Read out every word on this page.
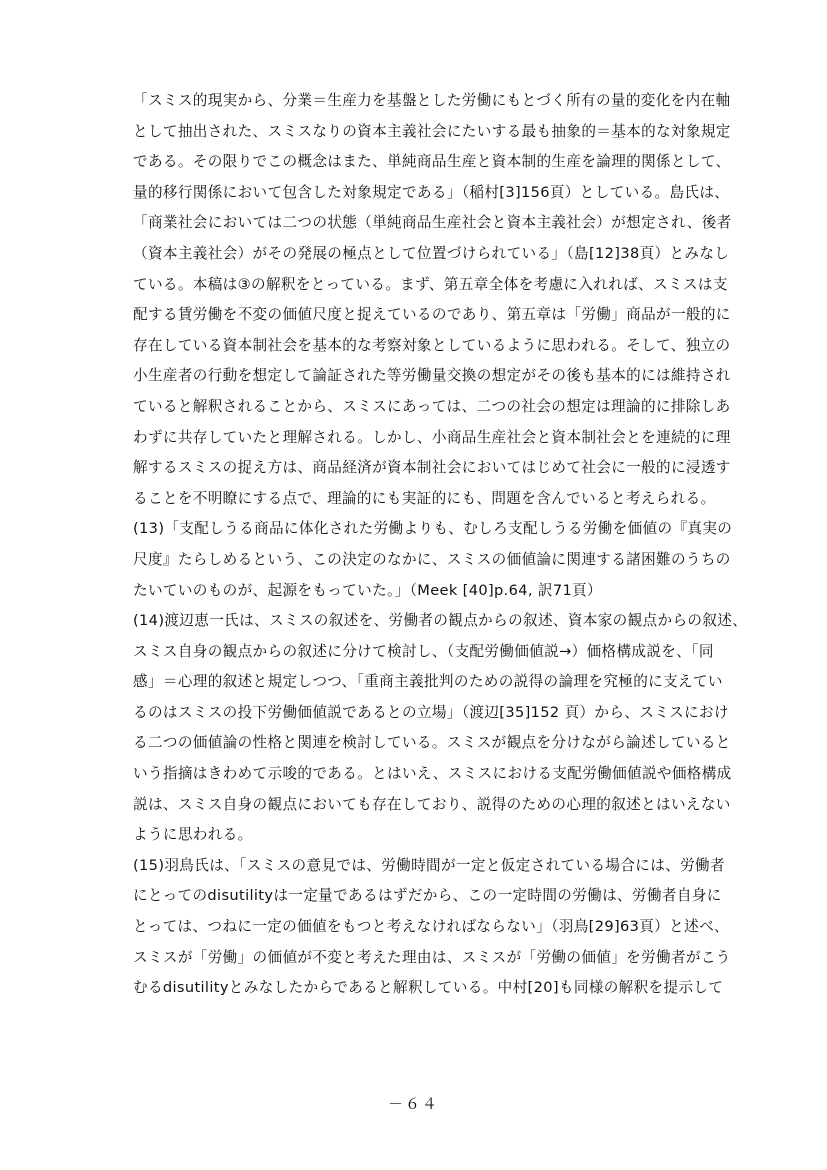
「スミス的現実から、分業＝生産力を基盤とした労働にもとづく所有の量的変化を内在軸
として抽出された、スミスなりの資本主義社会にたいする最も抽象的＝基本的な対象規定
である。その限りでこの概念はまた、単純商品生産と資本制的生産を論理的関係として、
量的移行関係において包含した対象規定である」（稲村[3]156頁）としている。島氏は、
「商業社会においては二つの状態（単純商品生産社会と資本主義社会）が想定され、後者
（資本主義社会）がその発展の極点として位置づけられている」（島[12]38頁）とみなし
ている。本稿は③の解釈をとっている。まず、第五章全体を考慮に入れれば、スミスは支
配する賃労働を不変の価値尺度と捉えているのであり、第五章は「労働」商品が一般的に
存在している資本制社会を基本的な考察対象としているように思われる。そして、独立の
小生産者の行動を想定して論証された等労働量交換の想定がその後も基本的には維持され
ていると解釈されることから、スミスにあっては、二つの社会の想定は理論的に排除しあ
わずに共存していたと理解される。しかし、小商品生産社会と資本制社会とを連続的に理
解するスミスの捉え方は、商品経済が資本制社会においてはじめて社会に一般的に浸透す
ることを不明瞭にする点で、理論的にも実証的にも、問題を含んでいると考えられる。
(13)「支配しうる商品に体化された労働よりも、むしろ支配しうる労働を価値の『真実の
尺度』たらしめるという、この決定のなかに、スミスの価値論に関連する諸困難のうちの
たいていのものが、起源をもっていた。」（Meek [40]p.64, 訳71頁）
(14)渡辺恵一氏は、スミスの叙述を、労働者の観点からの叙述、資本家の観点からの叙述、
スミス自身の観点からの叙述に分けて検討し、（支配労働価値説→）価格構成説を、「同
感」＝心理的叙述と規定しつつ、「重商主義批判のための説得の論理を究極的に支えてい
るのはスミスの投下労働価値説であるとの立場」（渡辺[35]152 頁）から、スミスにおけ
る二つの価値論の性格と関連を検討している。スミスが観点を分けながら論述していると
いう指摘はきわめて示唆的である。とはいえ、スミスにおける支配労働価値説や価格構成
説は、スミス自身の観点においても存在しており、説得のための心理的叙述とはいえない
ように思われる。
(15)羽鳥氏は、「スミスの意見では、労働時間が一定と仮定されている場合には、労働者
にとってのdisutilityは一定量であるはずだから、この一定時間の労働は、労働者自身に
とっては、つねに一定の価値をもつと考えなければならない」（羽鳥[29]63頁）と述べ、
スミスが「労働」の価値が不変と考えた理由は、スミスが「労働の価値」を労働者がこう
むるdisutilityとみなしたからであると解釈している。中村[20]も同様の解釈を提示して
－６４
